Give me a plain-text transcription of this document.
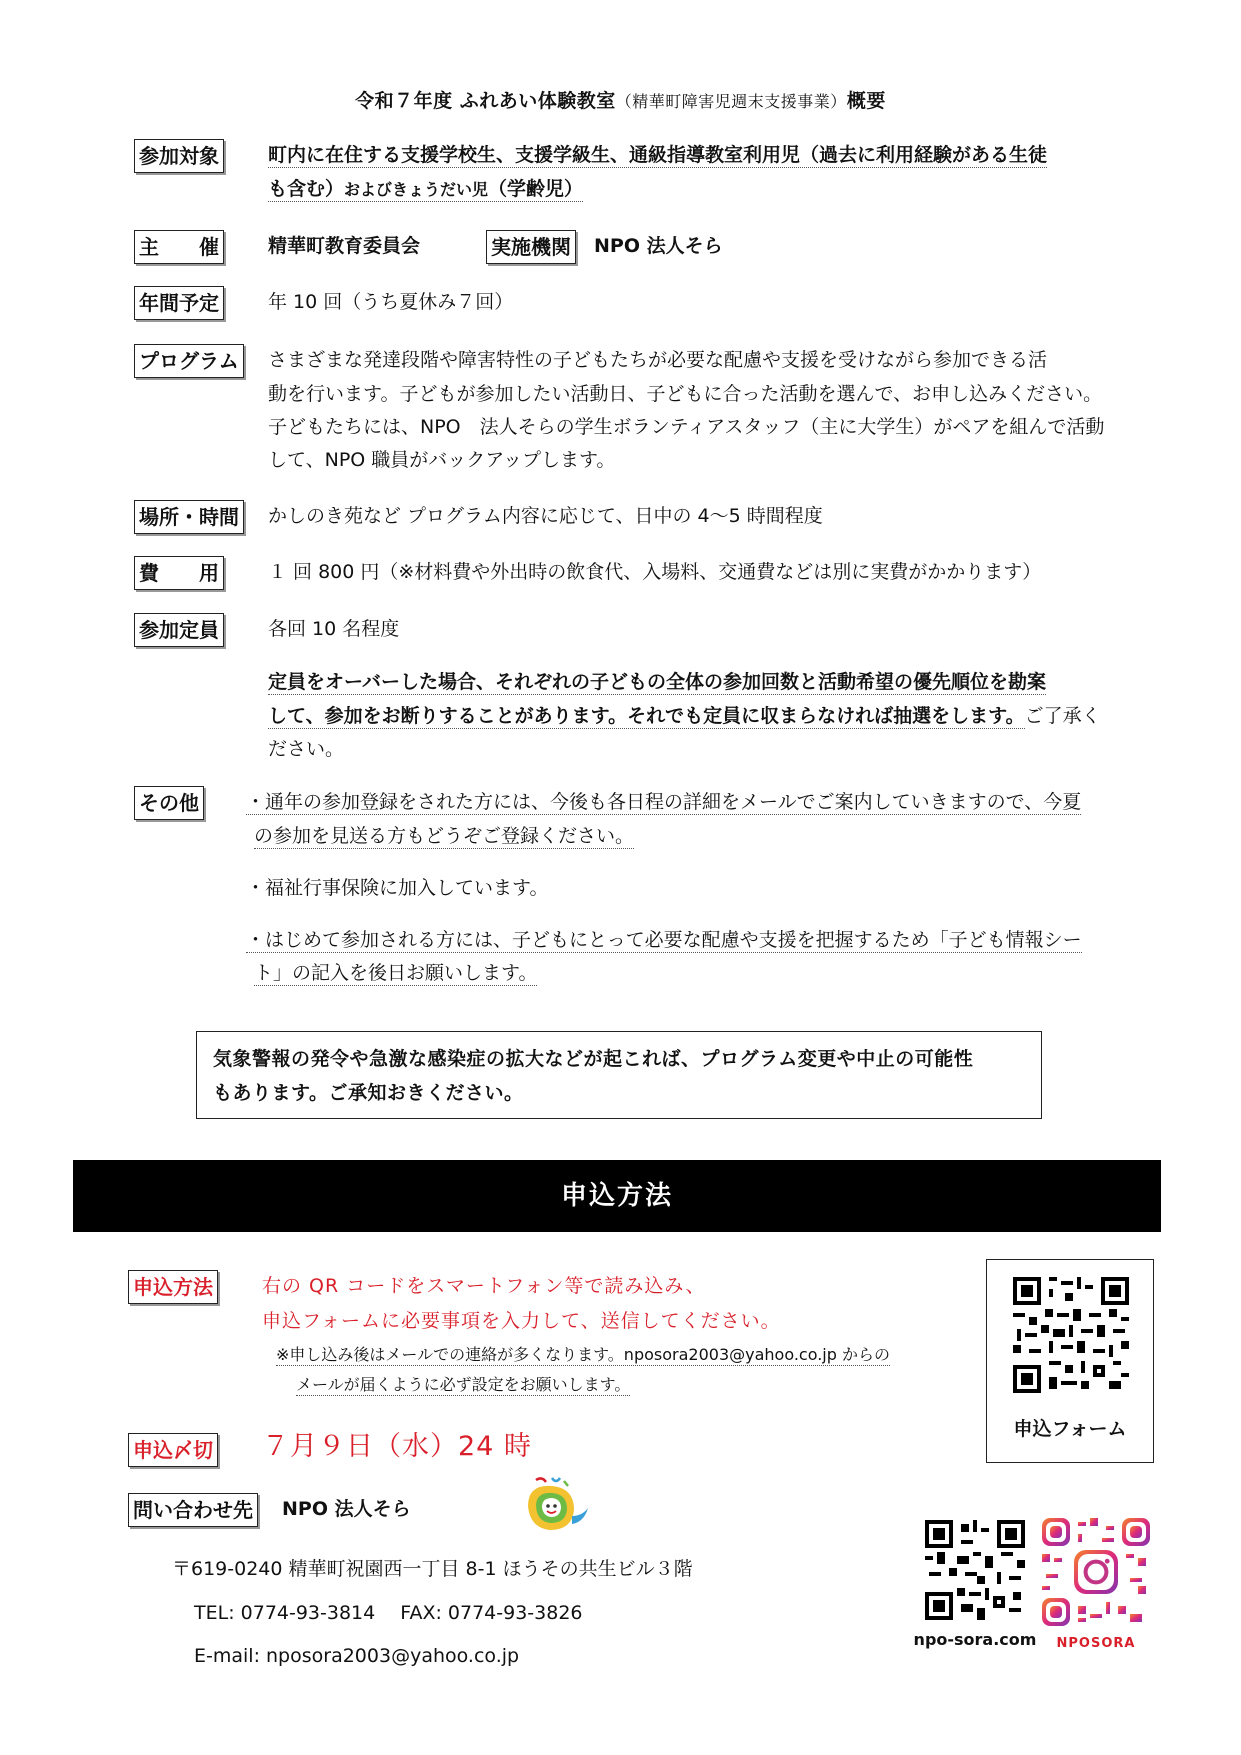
令和７年度 ふれあい体験教室（精華町障害児週末支援事業）概要
参加対象	町内に在住する支援学校生、支援学級生、通級指導教室利用児（過去に利用経験がある生徒
も含む）およびきょうだい児（学齢児）
主　　催	精華町教育委員会	実施機関 NPO 法人そら
年間予定	年 10 回（うち夏休み７回）
プログラム さまざまな発達段階や障害特性の子どもたちが必要な配慮や支援を受けながら参加できる活
動を行います。子どもが参加したい活動日、子どもに合った活動を選んで、お申し込みください。
子どもたちには、NPO　法人そらの学生ボランティアスタッフ（主に大学生）がペアを組んで活動
して、NPO 職員がバックアップします。
場所・時間 かしのき苑など プログラム内容に応じて、日中の 4～5 時間程度
費　　用	１ 回 800 円（※材料費や外出時の飲食代、入場料、交通費などは別に実費がかかります）
参加定員	各回 10 名程度
定員をオーバーした場合、それぞれの子どもの全体の参加回数と活動希望の優先順位を勘案
して、参加をお断りすることがあります。それでも定員に収まらなければ抽選をします。ご了承く
ださい。
その他 ・通年の参加登録をされた方には、今後も各日程の詳細をメールでご案内していきますので、今夏
の参加を見送る方もどうぞご登録ください。
・福祉行事保険に加入しています。
・はじめて参加される方には、子どもにとって必要な配慮や支援を把握するため「子ども情報シー
ト」の記入を後日お願いします。
気象警報の発令や急激な感染症の拡大などが起これば、プログラム変更や中止の可能性
もあります。ご承知おきください。
申込方法
申込方法	右の QR コードをスマートフォン等で読み込み、
申込フォームに必要事項を入力して、送信してください。
※申し込み後はメールでの連絡が多くなります。nposora2003@yahoo.co.jp からの
メールが届くように必ず設定をお願いします。
申込フォーム
申込〆切 ７月９日（水）24 時
問い合わせ先 NPO 法人そら
〒619-0240 精華町祝園西一丁目 8-1 ほうその共生ビル３階
TEL: 0774-93-3814　 FAX: 0774-93-3826
E-mail: nposora2003@yahoo.co.jp
npo-sora.com	NPOSORA
